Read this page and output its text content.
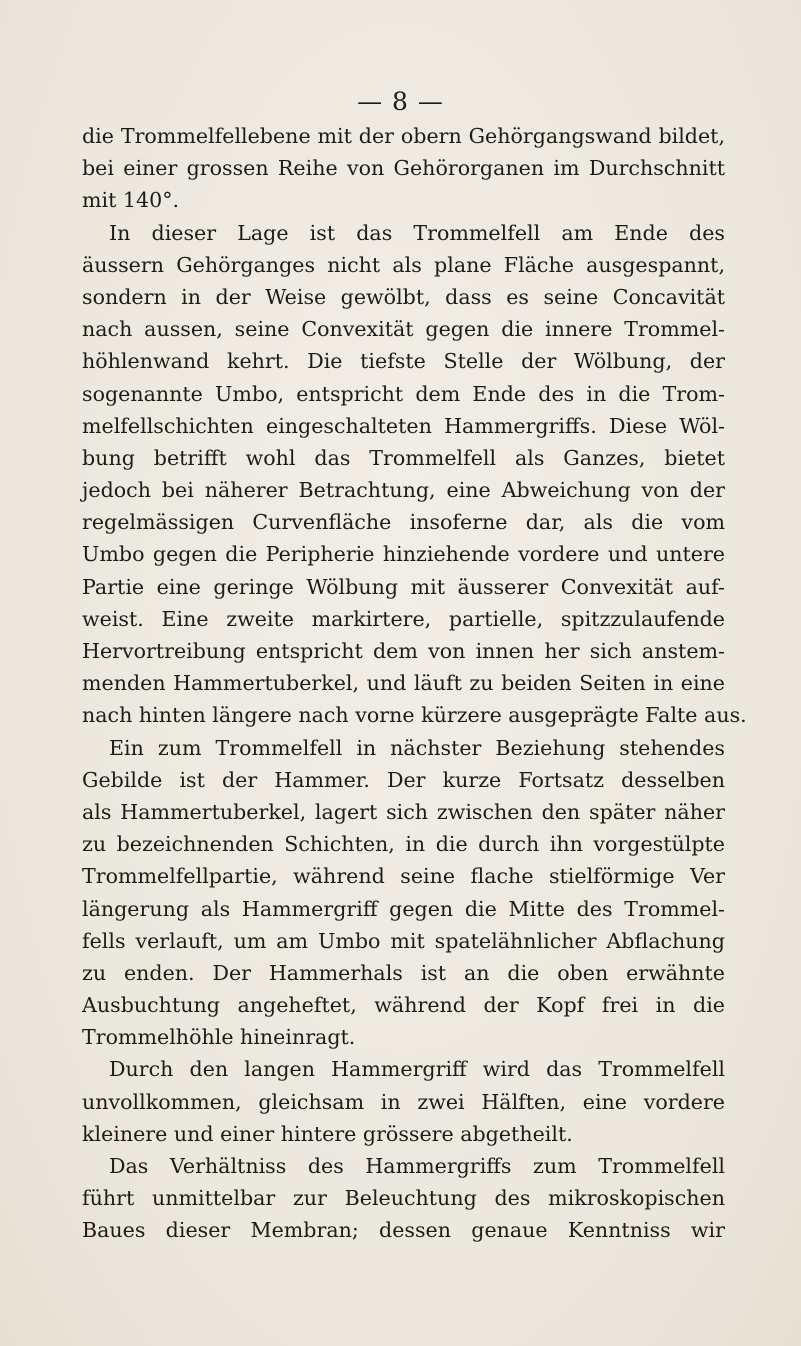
— 8 —
die Trommelfellebene mit der obern Gehörgangswand bildet,
bei einer grossen Reihe von Gehörorganen im Durchschnitt
mit 140°.
In dieser Lage ist das Trommelfell am Ende des
äussern Gehörganges nicht als plane Fläche ausgespannt,
sondern in der Weise gewölbt, dass es seine Concavität
nach aussen, seine Convexität gegen die innere Trommel-
höhlenwand kehrt. Die tiefste Stelle der Wölbung, der
sogenannte Umbo, entspricht dem Ende des in die Trom-
melfellschichten eingeschalteten Hammergriffs. Diese Wöl-
bung betrifft wohl das Trommelfell als Ganzes, bietet
jedoch bei näherer Betrachtung, eine Abweichung von der
regelmässigen Curvenfläche insoferne dar, als die vom
Umbo gegen die Peripherie hinziehende vordere und untere
Partie eine geringe Wölbung mit äusserer Convexität auf-
weist. Eine zweite markirtere, partielle, spitzzulaufende
Hervortreibung entspricht dem von innen her sich anstem-
menden Hammertuberkel, und läuft zu beiden Seiten in eine
nach hinten längere nach vorne kürzere ausgeprägte Falte aus.
Ein zum Trommelfell in nächster Beziehung stehendes
Gebilde ist der Hammer. Der kurze Fortsatz desselben
als Hammertuberkel, lagert sich zwischen den später näher
zu bezeichnenden Schichten, in die durch ihn vorgestülpte
Trommelfellpartie, während seine flache stielförmige Ver
längerung als Hammergriff gegen die Mitte des Trommel-
fells verlauft, um am Umbo mit spatelähnlicher Abflachung
zu enden. Der Hammerhals ist an die oben erwähnte
Ausbuchtung angeheftet, während der Kopf frei in die
Trommelhöhle hineinragt.
Durch den langen Hammergriff wird das Trommelfell
unvollkommen, gleichsam in zwei Hälften, eine vordere
kleinere und einer hintere grössere abgetheilt.
Das Verhältniss des Hammergriffs zum Trommelfell
führt unmittelbar zur Beleuchtung des mikroskopischen
Baues dieser Membran; dessen genaue Kenntniss wir
